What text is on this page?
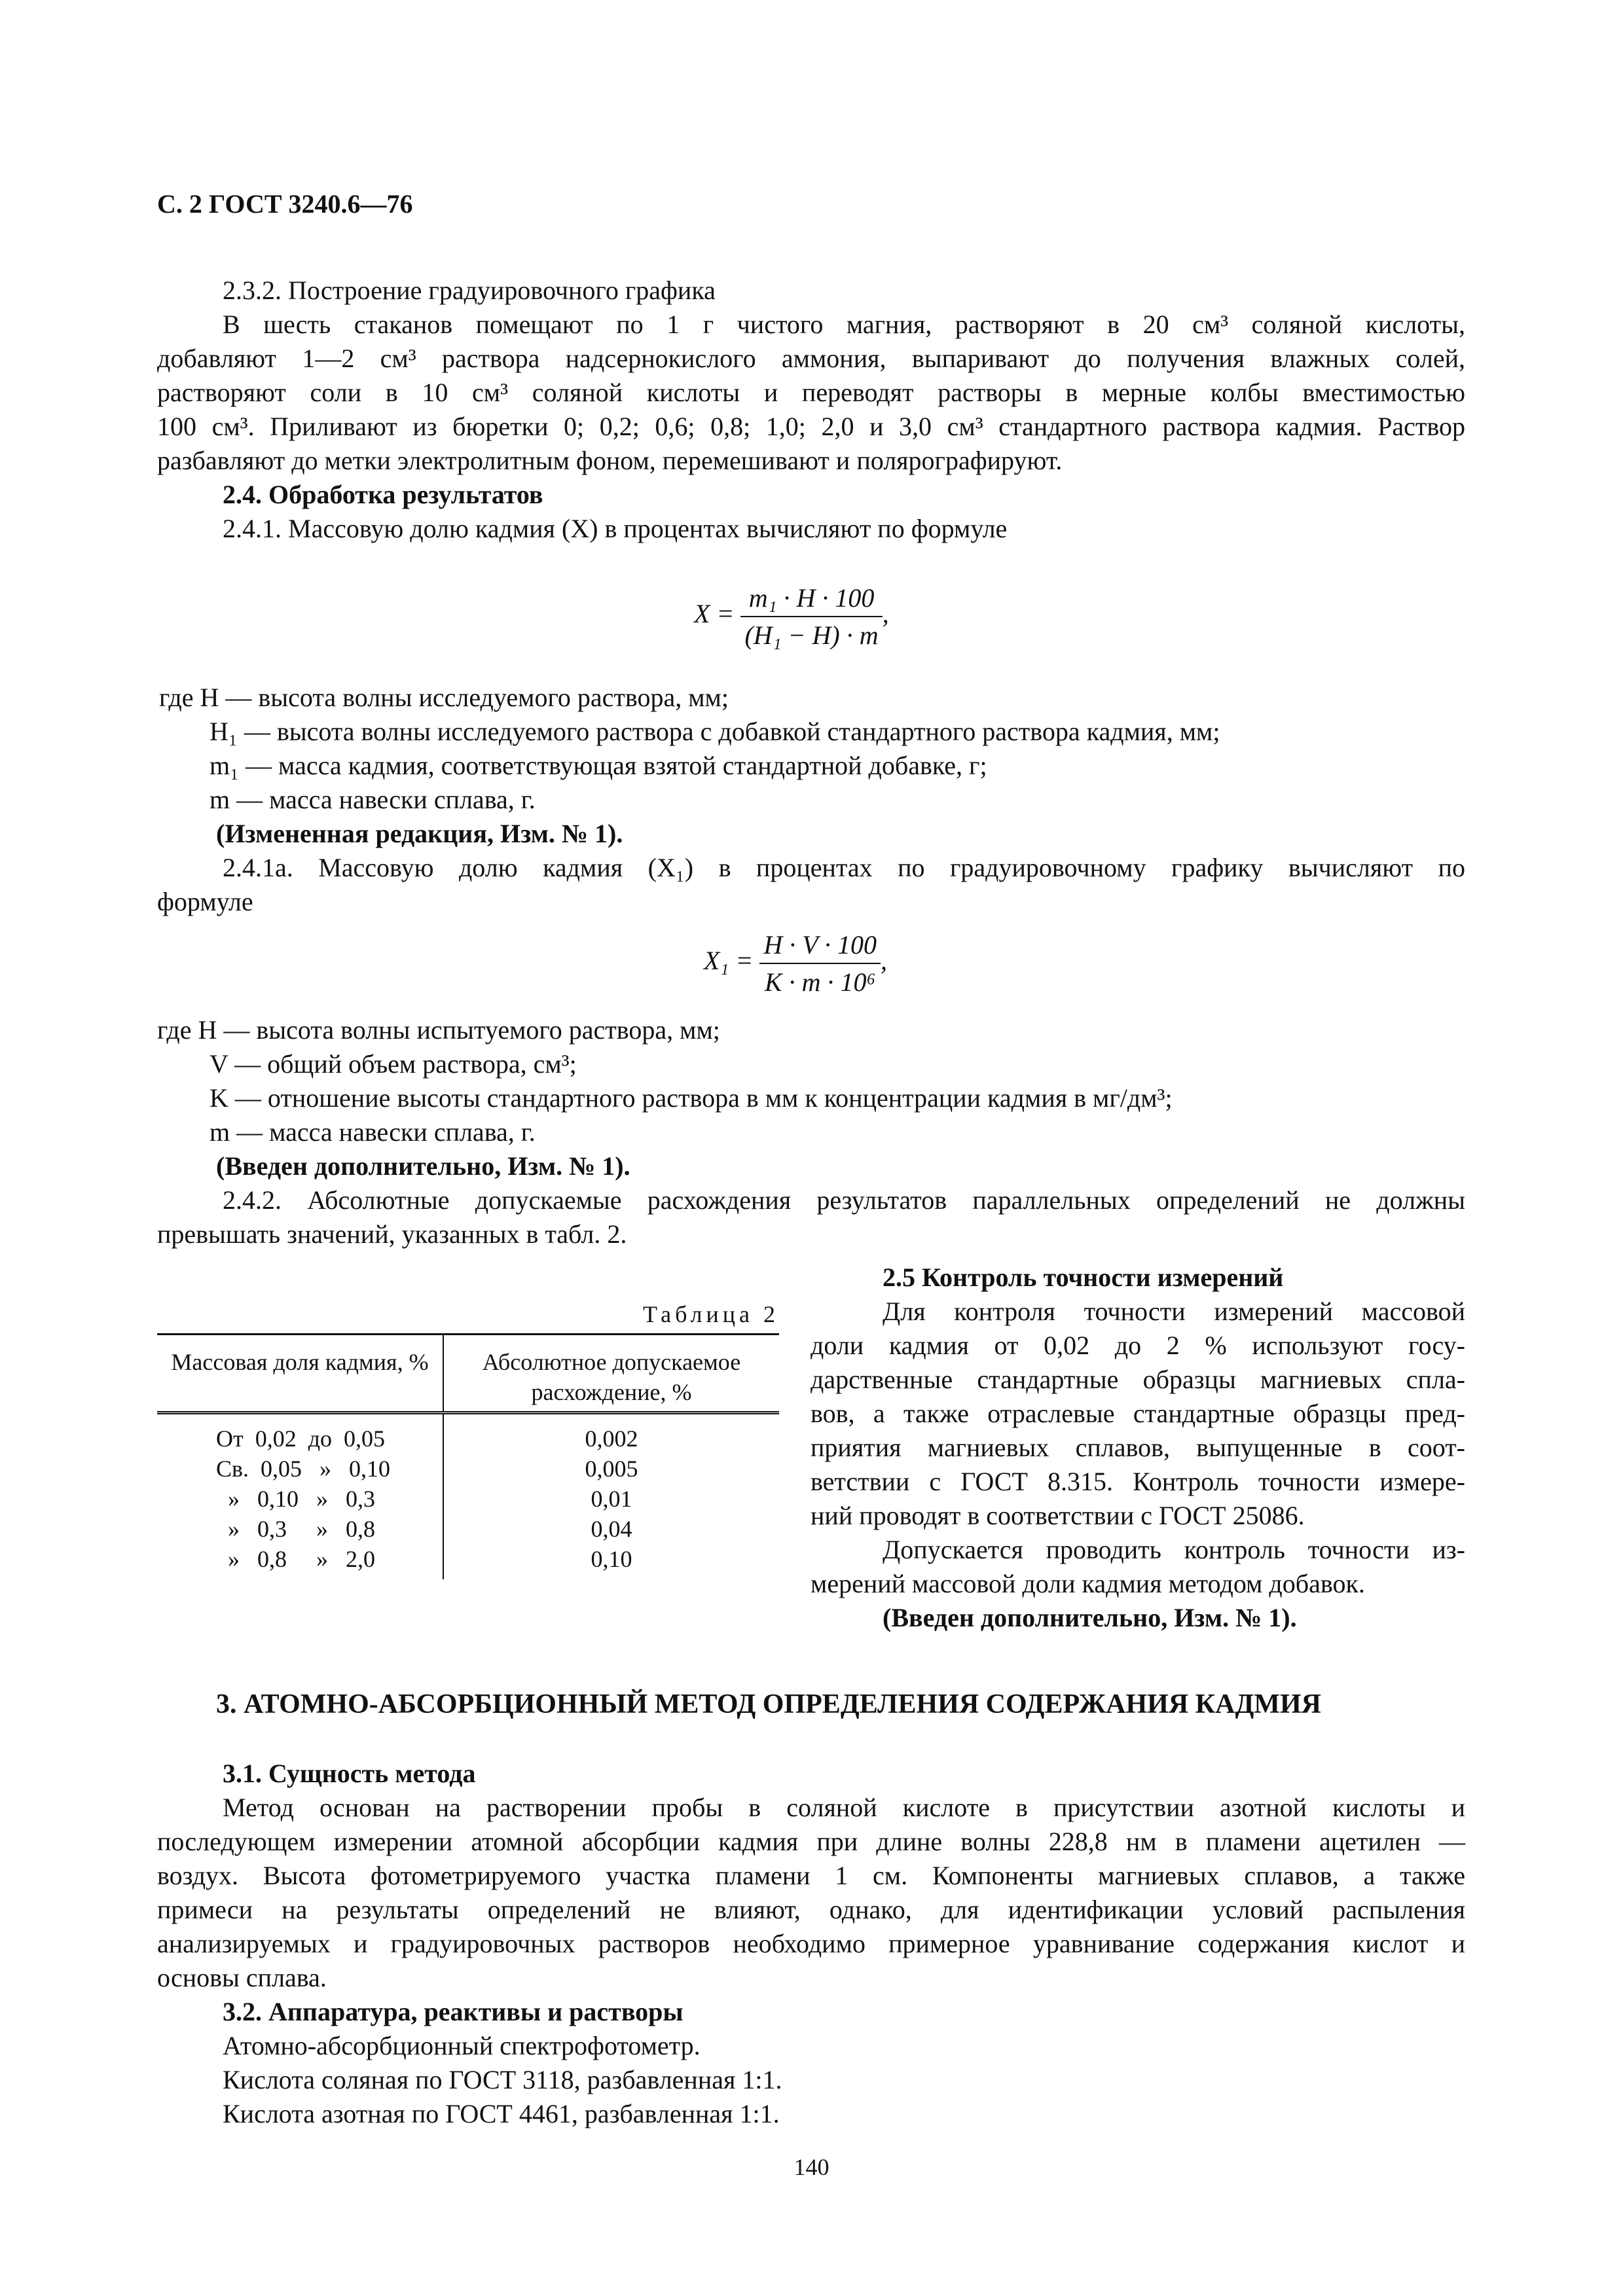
С. 2 ГОСТ 3240.6—76
2.3.2. Построение градуировочного графика
В шесть стаканов помещают по 1 г чистого магния, растворяют в 20 см³ соляной кислоты,
добавляют 1—2 см³ раствора надсернокислого аммония, выпаривают до получения влажных солей,
растворяют соли в 10 см³ соляной кислоты и переводят растворы в мерные колбы вместимостью
100 см³. Приливают из бюретки 0; 0,2; 0,6; 0,8; 1,0; 2,0 и 3,0 см³ стандартного раствора кадмия. Раствор
разбавляют до метки электролитным фоном, перемешивают и полярографируют.
2.4. Обработка результатов
2.4.1. Массовую долю кадмия (X) в процентах вычисляют по формуле
$X = \frac{\text{m₁ · H · 100}}{\text{(H₁ − H) · m}}$ ,
где H — высота волны исследуемого раствора, мм;
H₁ — высота волны исследуемого раствора с добавкой стандартного раствора кадмия, мм;
m₁ — масса кадмия, соответствующая взятой стандартной добавке, г;
m — масса навески сплава, г.
(Измененная редакция, Изм. № 1).
2.4.1а. Массовую долю кадмия (X₁) в процентах по градуировочному графику вычисляют по
формуле
$X_1 = \frac{H \cdot V \cdot 100}{\text{K · m · 10⁶}}$ ,
где H — высота волны испытуемого раствора, мм;
V — общий объем раствора, см³;
K — отношение высоты стандартного раствора в мм к концентрации кадмия в мг/дм³;
m — масса навески сплава, г.
(Введен дополнительно, Изм. № 1).
2.4.2. Абсолютные допускаемые расхождения результатов параллельных определений не должны
превышать значений, указанных в табл. 2.
Таблица 2
Массовая доля кадмия, %	Абсолютное допускаемое расхождение, %
От  0,02  до  0,05	0,002
Св.  0,05   »   0,10	0,005
»   0,10   »   0,3	0,01
»   0,3     »   0,8	0,04
»   0,8     »   2,0	0,10
2.5 Контроль точности измерений
Для контроля точности измерений массовой
доли кадмия от 0,02 до 2 % используют госу-
дарственные стандартные образцы магниевых спла-
вов, а также отраслевые стандартные образцы пред-
приятия магниевых сплавов, выпущенные в соот-
ветствии с ГОСТ 8.315. Контроль точности измере-
ний проводят в соответствии с ГОСТ 25086.
Допускается проводить контроль точности из-
мерений массовой доли кадмия методом добавок.
(Введен дополнительно, Изм. № 1).
3. АТОМНО-АБСОРБЦИОННЫЙ МЕТОД ОПРЕДЕЛЕНИЯ СОДЕРЖАНИЯ КАДМИЯ
3.1. Сущность метода
Метод основан на растворении пробы в соляной кислоте в присутствии азотной кислоты и
последующем измерении атомной абсорбции кадмия при длине волны 228,8 нм в пламени ацетилен —
воздух. Высота фотометрируемого участка пламени 1 см. Компоненты магниевых сплавов, а также
примеси на результаты определений не влияют, однако, для идентификации условий распыления
анализируемых и градуировочных растворов необходимо примерное уравнивание содержания кислот и
основы сплава.
3.2. Аппаратура, реактивы и растворы
Атомно-абсорбционный спектрофотометр.
Кислота соляная по ГОСТ 3118, разбавленная 1:1.
Кислота азотная по ГОСТ 4461, разбавленная 1:1.
140
